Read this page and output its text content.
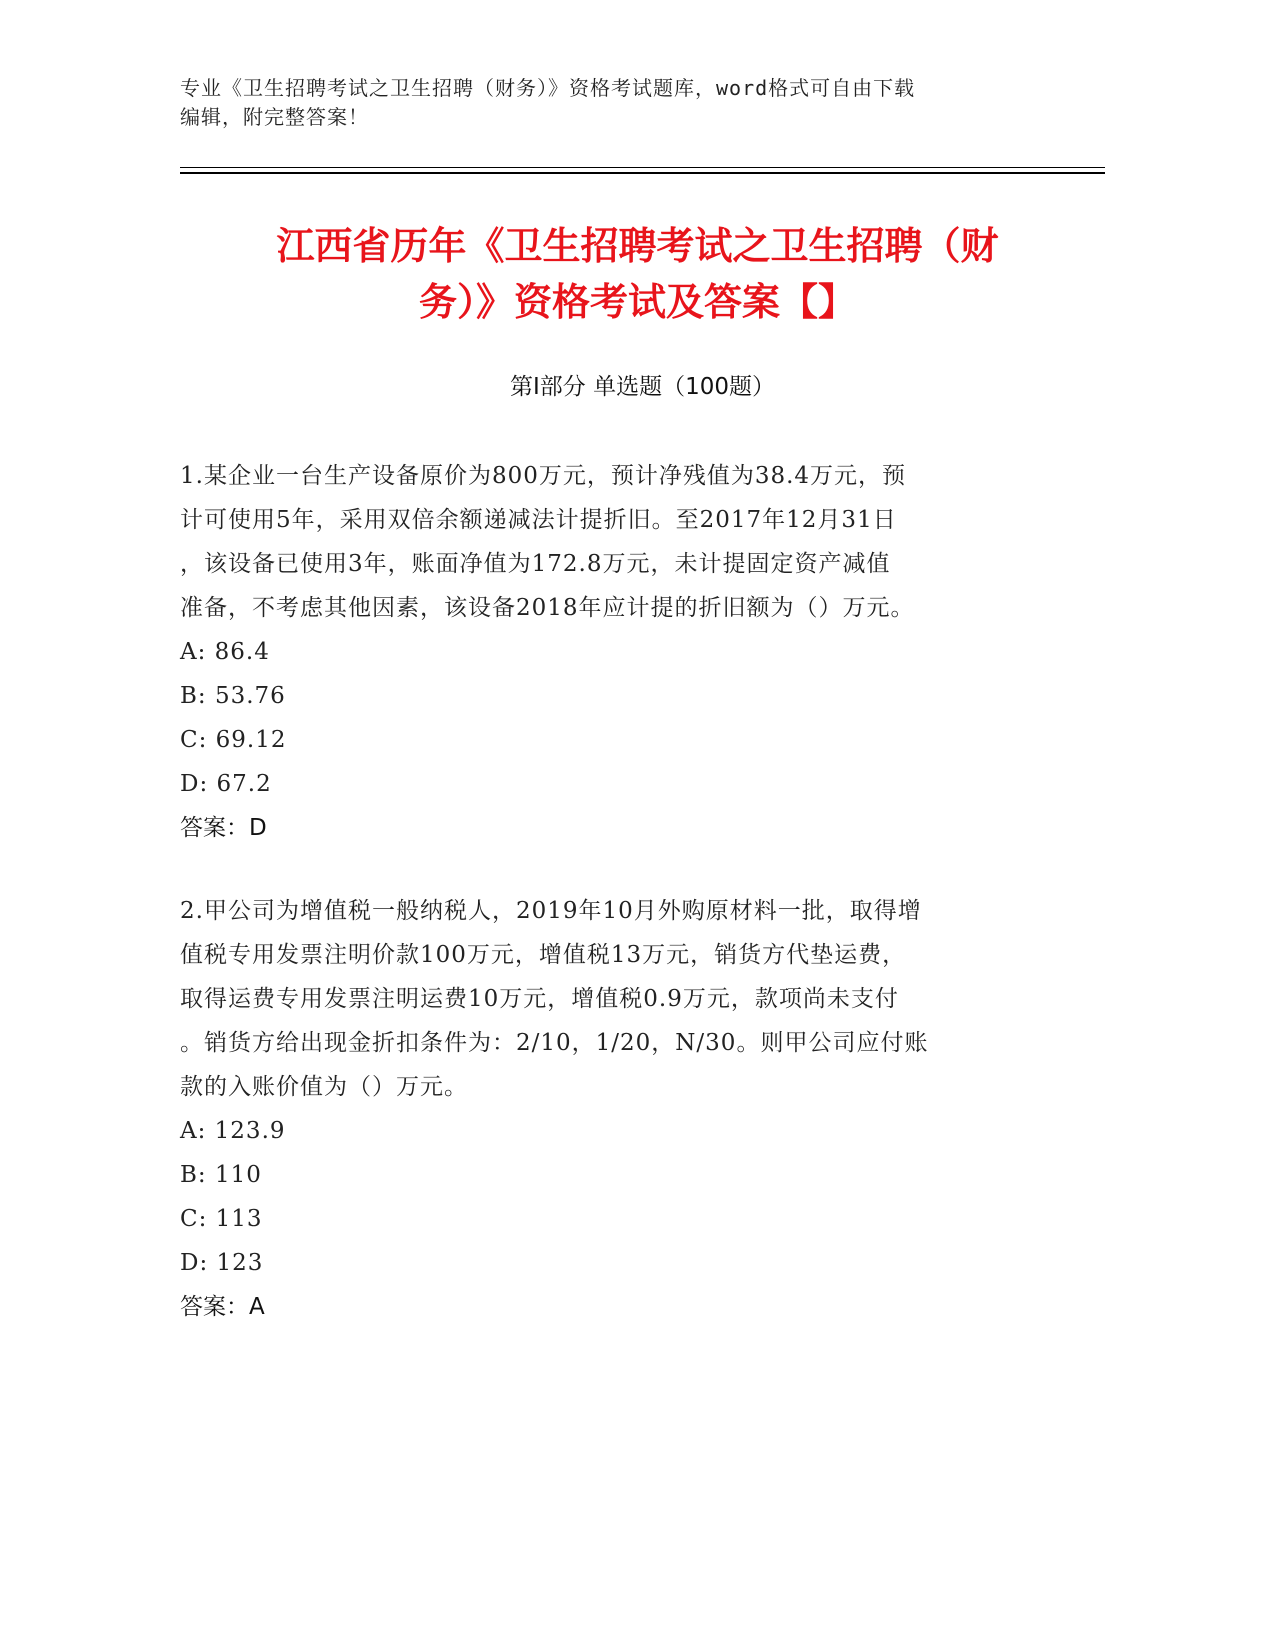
专业《卫生招聘考试之卫生招聘（财务）》资格考试题库，word格式可自由下载
编辑，附完整答案！
江西省历年《卫生招聘考试之卫生招聘（财
务）》资格考试及答案【】
第Ⅰ部分 单选题（100题）
1.某企业一台生产设备原价为800万元，预计净残值为38.4万元，预
计可使用5年，采用双倍余额递减法计提折旧。至2017年12月31日
，该设备已使用3年，账面净值为172.8万元，未计提固定资产减值
准备，不考虑其他因素，该设备2018年应计提的折旧额为（）万元。
A: 86.4
B: 53.76
C: 69.12
D: 67.2
答案：D
2.甲公司为增值税一般纳税人，2019年10月外购原材料一批，取得增
值税专用发票注明价款100万元，增值税13万元，销货方代垫运费，
取得运费专用发票注明运费10万元，增值税0.9万元，款项尚未支付
。销货方给出现金折扣条件为：2/10，1/20，N/30。则甲公司应付账
款的入账价值为（）万元。
A: 123.9
B: 110
C: 113
D: 123
答案：A
